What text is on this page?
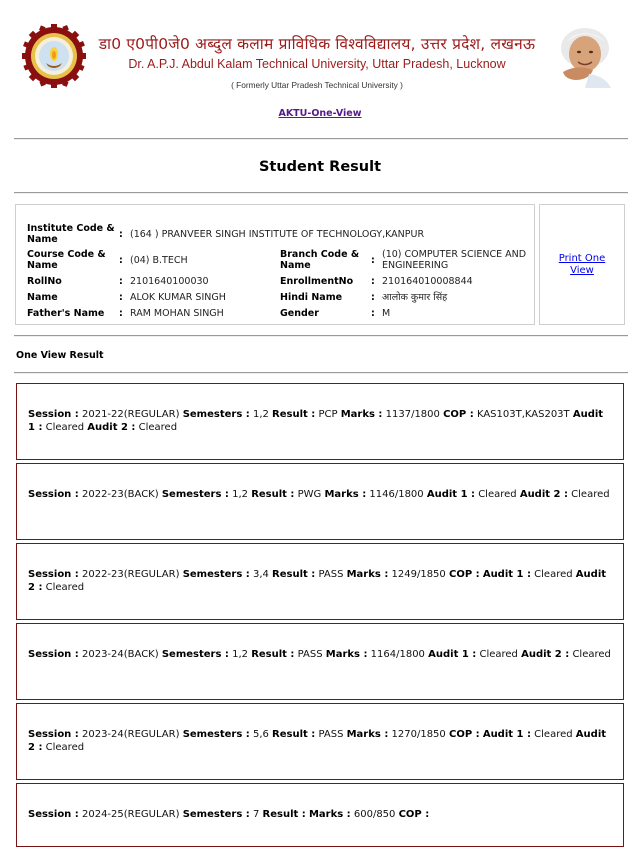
डा0 ए0पी0जे0 अब्दुल कलाम प्राविधिक विश्वविद्यालय, उत्तर प्रदेश, लखनऊ
Dr. A.P.J. Abdul Kalam Technical University, Uttar Pradesh, Lucknow
( Formerly Uttar Pradesh Technical University )
AKTU-One-View
Student Result
Institute Code & Name	:	(164 ) PRANVEER SINGH INSTITUTE OF TECHNOLOGY,KANPUR			
Course Code & Name	:	(04) B.TECH	Branch Code & Name	:	(10) COMPUTER SCIENCE AND ENGINEERING
RollNo	:	2101640100030	EnrollmentNo	:	210164010008844
Name	:	ALOK KUMAR SINGH	Hindi Name	:	आलोक कुमार सिंह
Father's Name	:	RAM MOHAN SINGH	Gender	:	M
Print One View
One View Result
Session : 2021-22(REGULAR) Semesters : 1,2 Result : PCP Marks : 1137/1800 COP : KAS103T,KAS203T Audit 1 : Cleared Audit 2 : Cleared
Session : 2022-23(BACK) Semesters : 1,2 Result : PWG Marks : 1146/1800 Audit 1 : Cleared Audit 2 : Cleared
Session : 2022-23(REGULAR) Semesters : 3,4 Result : PASS Marks : 1249/1850 COP : Audit 1 : Cleared Audit 2 : Cleared
Session : 2023-24(BACK) Semesters : 1,2 Result : PASS Marks : 1164/1800 Audit 1 : Cleared Audit 2 : Cleared
Session : 2023-24(REGULAR) Semesters : 5,6 Result : PASS Marks : 1270/1850 COP : Audit 1 : Cleared Audit 2 : Cleared
Session : 2024-25(REGULAR) Semesters : 7 Result : Marks : 600/850 COP :
